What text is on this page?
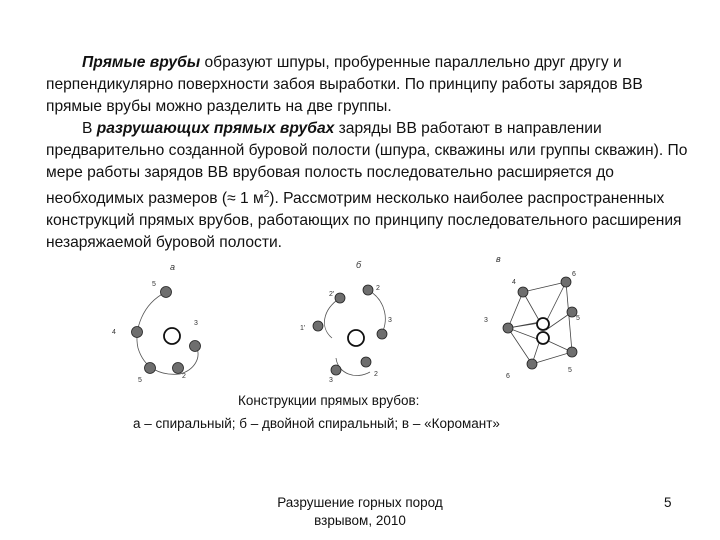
Прямые врубы образуют шпуры, пробуренные параллельно друг другу и перпендикулярно поверхности забоя выработки. По принципу работы зарядов ВВ прямые врубы можно разделить на две группы.

В разрушающих прямых врубах заряды ВВ работают в направлении предварительно созданной буровой полости (шпура, скважины или группы скважин). По мере работы зарядов ВВ врубовая полость последовательно расширяется до необходимых размеров (≈ 1 $м^2$). Рассмотрим несколько наиболее распространенных конструкций прямых врубов, работающих по принципу последовательного расширения незаряжаемой буровой полости.

а
5
3
4
5
2
б
2'
2
3
1'
3
2
в
4
6
3	5
5
6
Конструкции прямых врубов:
а – спиральный; б – двойной спиральный; в – «Коромант»
Разрушение горных пород взрывом, 2010
5
